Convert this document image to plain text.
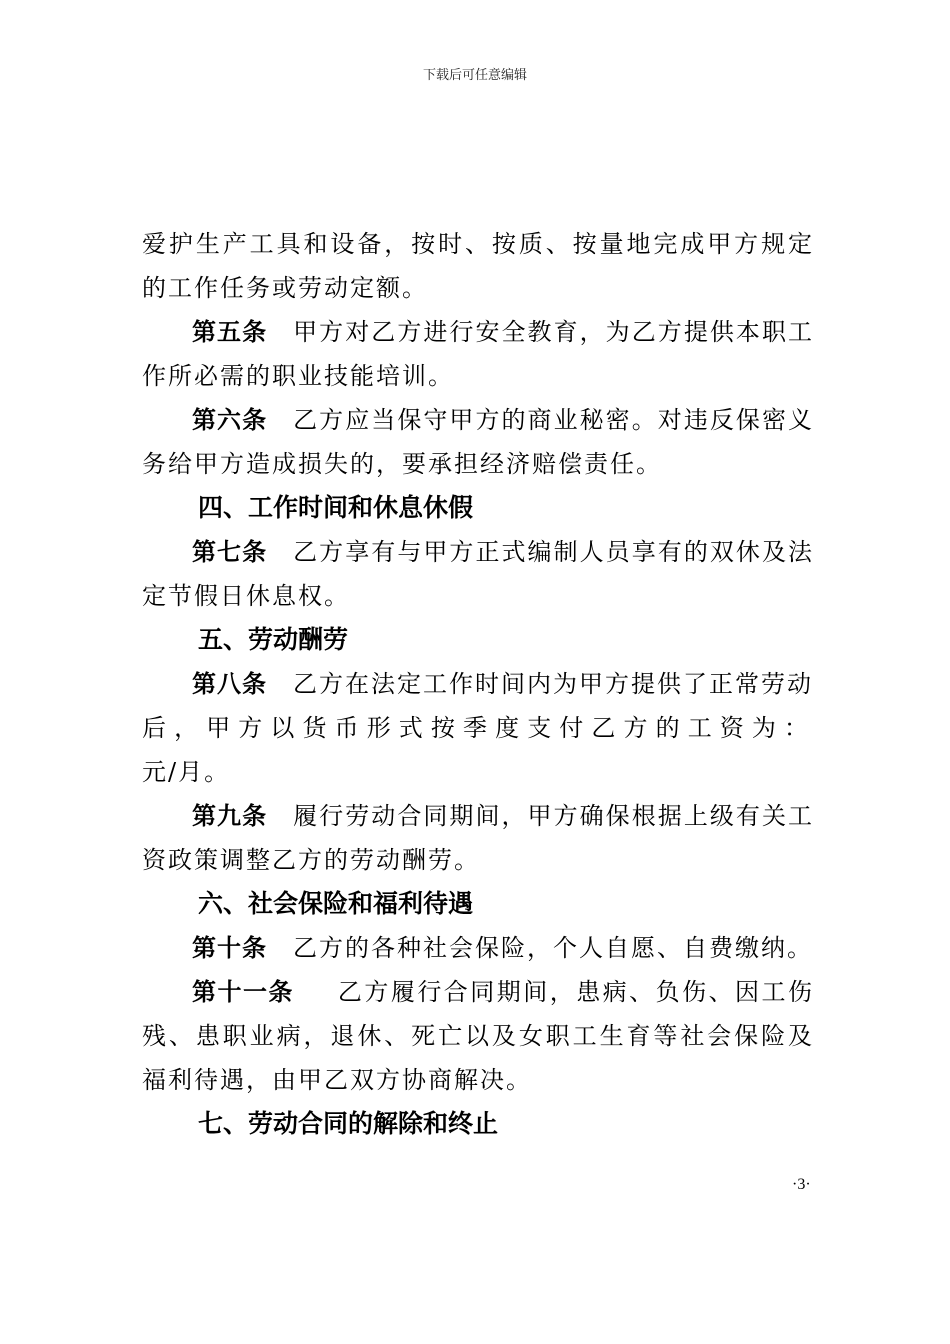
下载后可任意编辑

爱护生产工具和设备，按时、按质、按量地完成甲方规定的工作任务或劳动定额。

第五条 甲方对乙方进行安全教育，为乙方提供本职工作所必需的职业技能培训。

第六条 乙方应当保守甲方的商业秘密。对违反保密义务给甲方造成损失的，要承担经济赔偿责任。

四、工作时间和休息休假

第七条 乙方享有与甲方正式编制人员享有的双休及法定节假日休息权。

五、劳动酬劳

第八条 乙方在法定工作时间内为甲方提供了正常劳动

后，甲方以货币形式按季度支付乙方的工资为：

元/月。

第九条 履行劳动合同期间，甲方确保根据上级有关工资政策调整乙方的劳动酬劳。

六、社会保险和福利待遇

第十条 乙方的各种社会保险，个人自愿、自费缴纳。

第十一条 乙方履行合同期间，患病、负伤、因工伤残、患职业病，退休、死亡以及女职工生育等社会保险及福利待遇，由甲乙双方协商解决。

七、劳动合同的解除和终止

·3·
